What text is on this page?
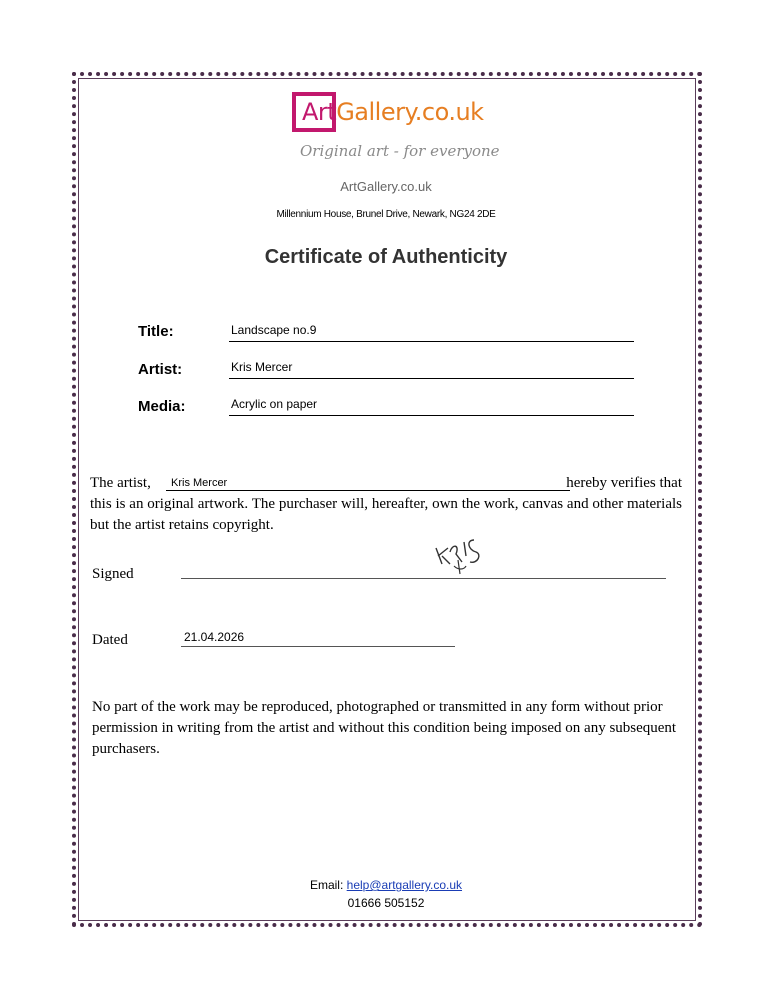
ArtGallery.co.uk
Original art - for everyone
ArtGallery.co.uk
Millennium House, Brunel Drive, Newark, NG24 2DE
Certificate of Authenticity
Title:	Landscape no.9
Artist:	Kris Mercer
Media:	Acrylic on paper
The artist, Kris Mercer	hereby verifies that
this is an original artwork. The purchaser will, hereafter, own the work, canvas and other materials but the artist retains copyright.
Signed
Dated	21.04.2026
No part of the work may be reproduced, photographed or transmitted in any form without prior permission in writing from the artist and without this condition being imposed on any subsequent purchasers.
Email: help@artgallery.co.uk
01666 505152
